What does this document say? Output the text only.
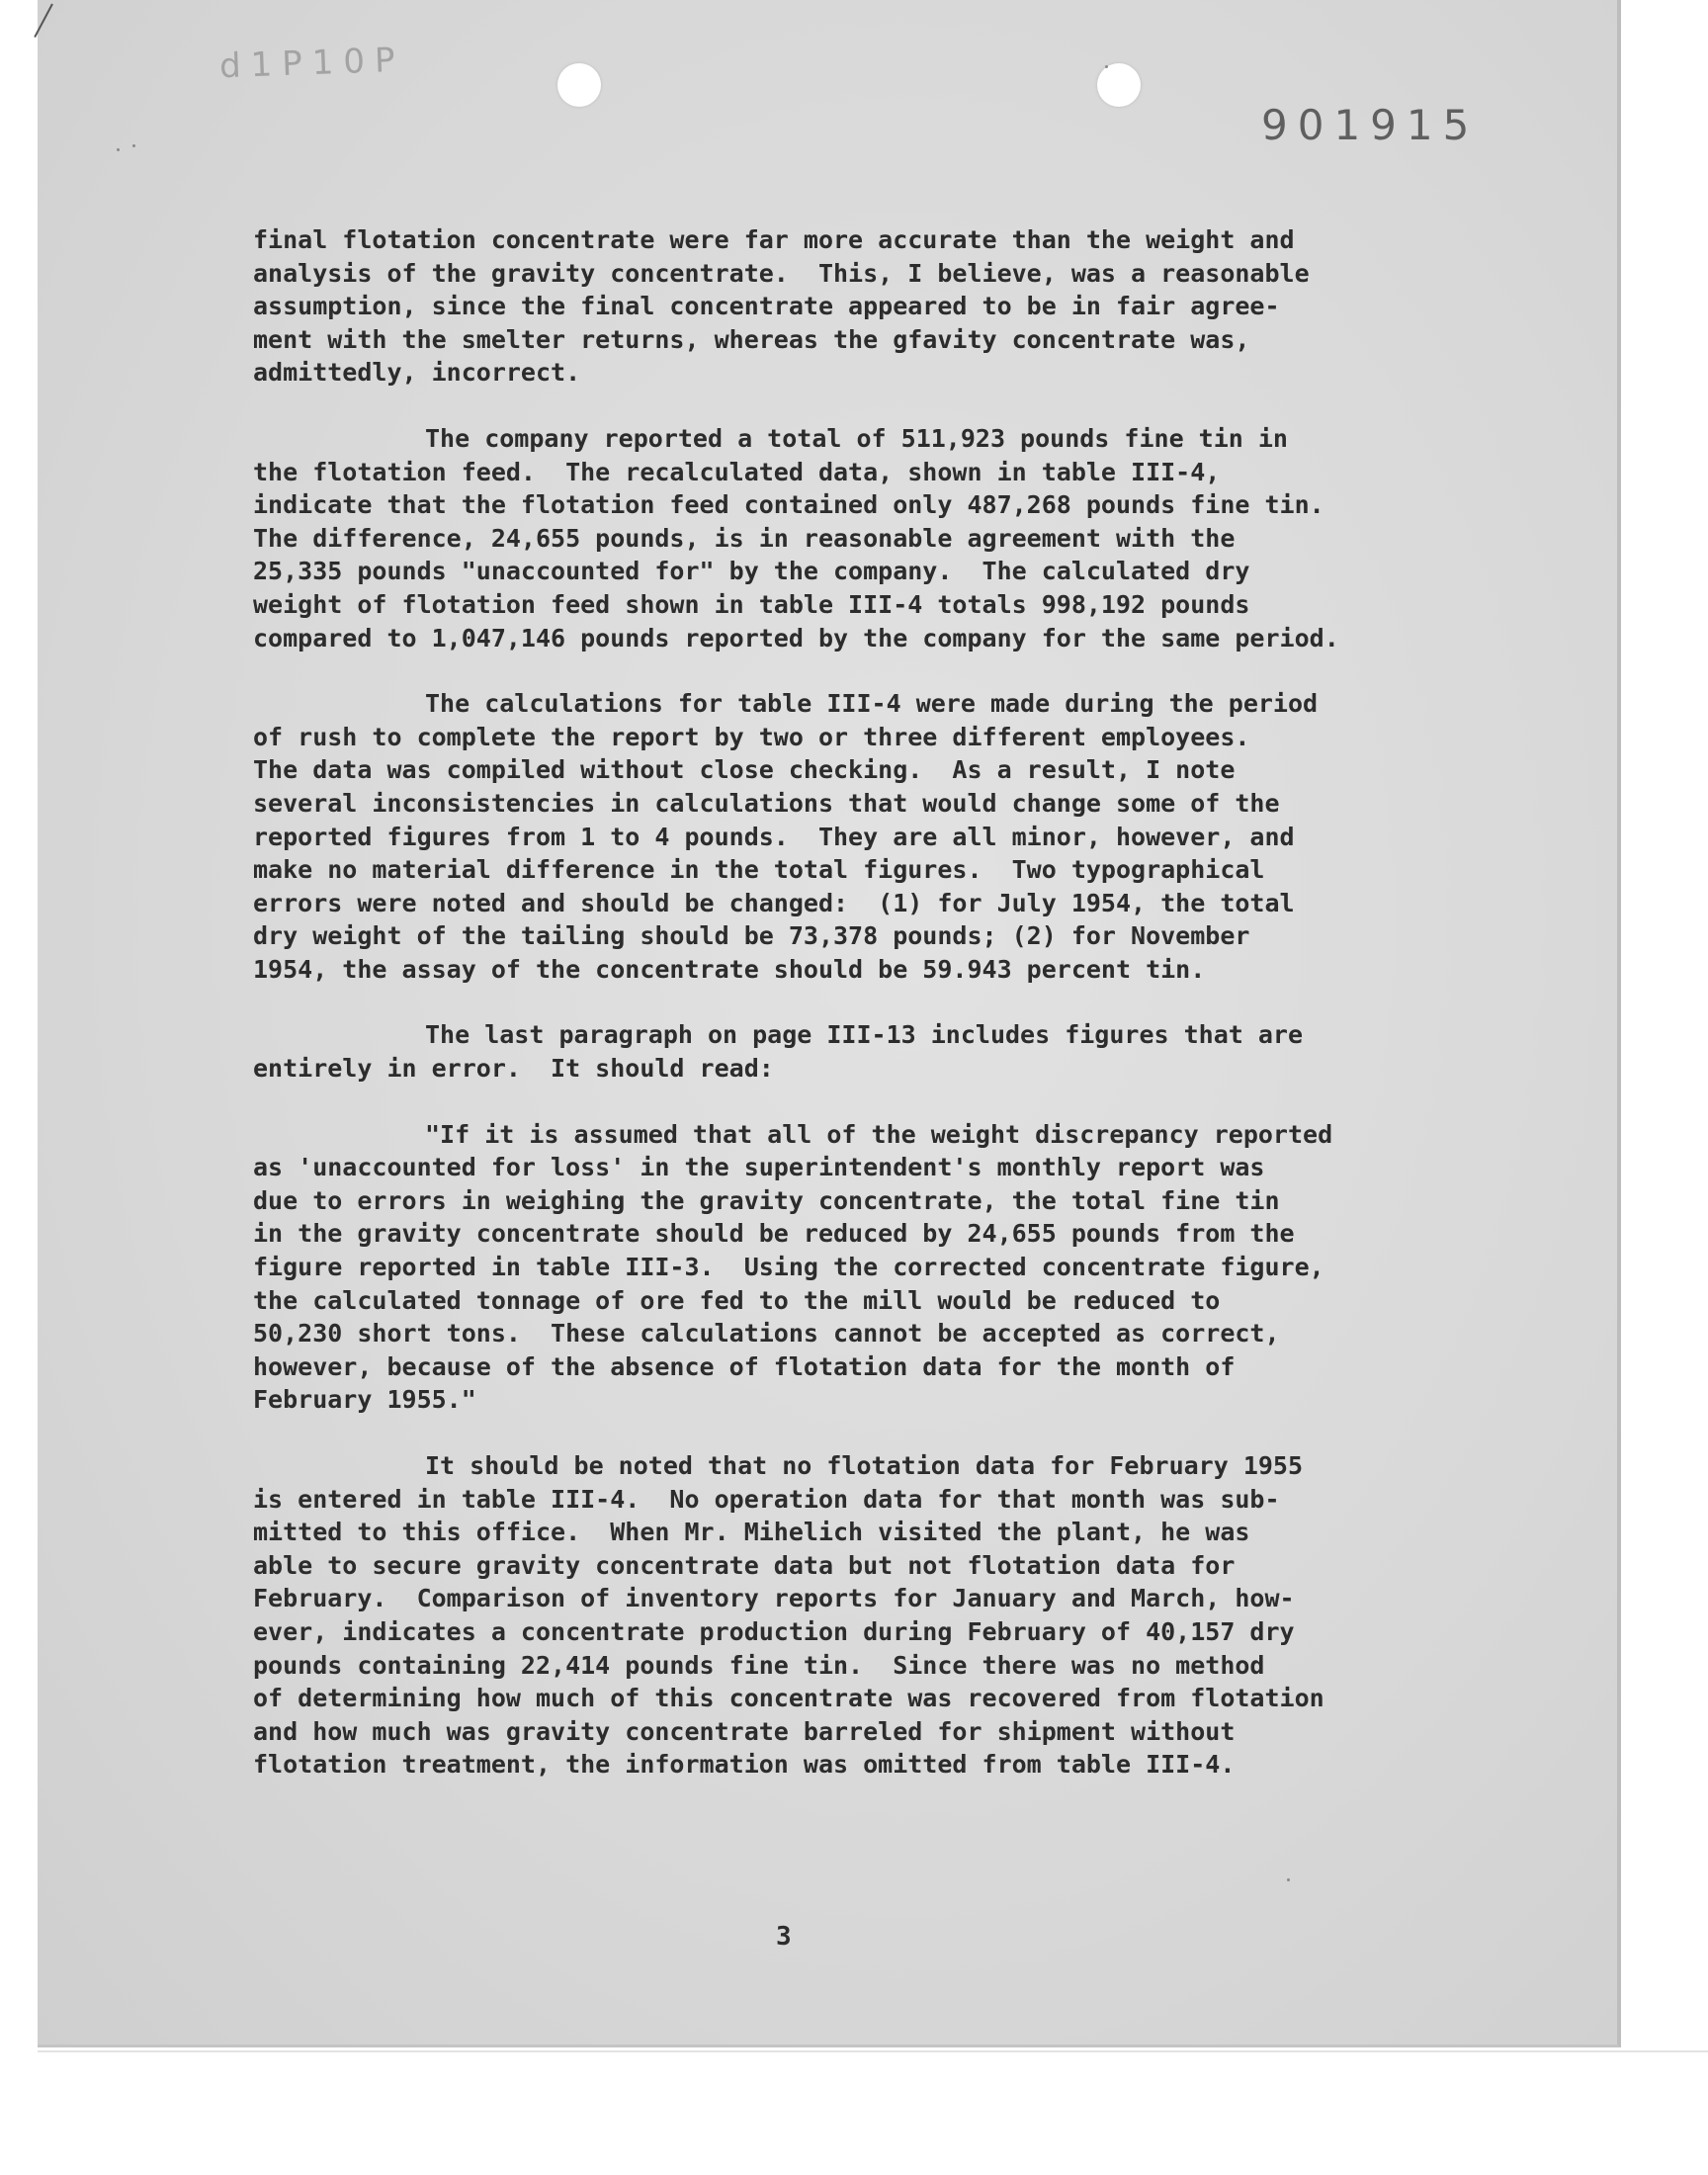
d1P10P
901915
final flotation concentrate were far more accurate than the weight and
analysis of the gravity concentrate.  This, I believe, was a reasonable
assumption, since the final concentrate appeared to be in fair agree-
ment with the smelter returns, whereas the gfavity concentrate was,
admittedly, incorrect.
The company reported a total of 511,923 pounds fine tin in
the flotation feed.  The recalculated data, shown in table III-4,
indicate that the flotation feed contained only 487,268 pounds fine tin.
The difference, 24,655 pounds, is in reasonable agreement with the
25,335 pounds "unaccounted for" by the company.  The calculated dry
weight of flotation feed shown in table III-4 totals 998,192 pounds
compared to 1,047,146 pounds reported by the company for the same period.
The calculations for table III-4 were made during the period
of rush to complete the report by two or three different employees.
The data was compiled without close checking.  As a result, I note
several inconsistencies in calculations that would change some of the
reported figures from 1 to 4 pounds.  They are all minor, however, and
make no material difference in the total figures.  Two typographical
errors were noted and should be changed:  (1) for July 1954, the total
dry weight of the tailing should be 73,378 pounds; (2) for November
1954, the assay of the concentrate should be 59.943 percent tin.
The last paragraph on page III-13 includes figures that are
entirely in error.  It should read:
"If it is assumed that all of the weight discrepancy reported
as 'unaccounted for loss' in the superintendent's monthly report was
due to errors in weighing the gravity concentrate, the total fine tin
in the gravity concentrate should be reduced by 24,655 pounds from the
figure reported in table III-3.  Using the corrected concentrate figure,
the calculated tonnage of ore fed to the mill would be reduced to
50,230 short tons.  These calculations cannot be accepted as correct,
however, because of the absence of flotation data for the month of
February 1955."
It should be noted that no flotation data for February 1955
is entered in table III-4.  No operation data for that month was sub-
mitted to this office.  When Mr. Mihelich visited the plant, he was
able to secure gravity concentrate data but not flotation data for
February.  Comparison of inventory reports for January and March, how-
ever, indicates a concentrate production during February of 40,157 dry
pounds containing 22,414 pounds fine tin.  Since there was no method
of determining how much of this concentrate was recovered from flotation
and how much was gravity concentrate barreled for shipment without
flotation treatment, the information was omitted from table III-4.
3
